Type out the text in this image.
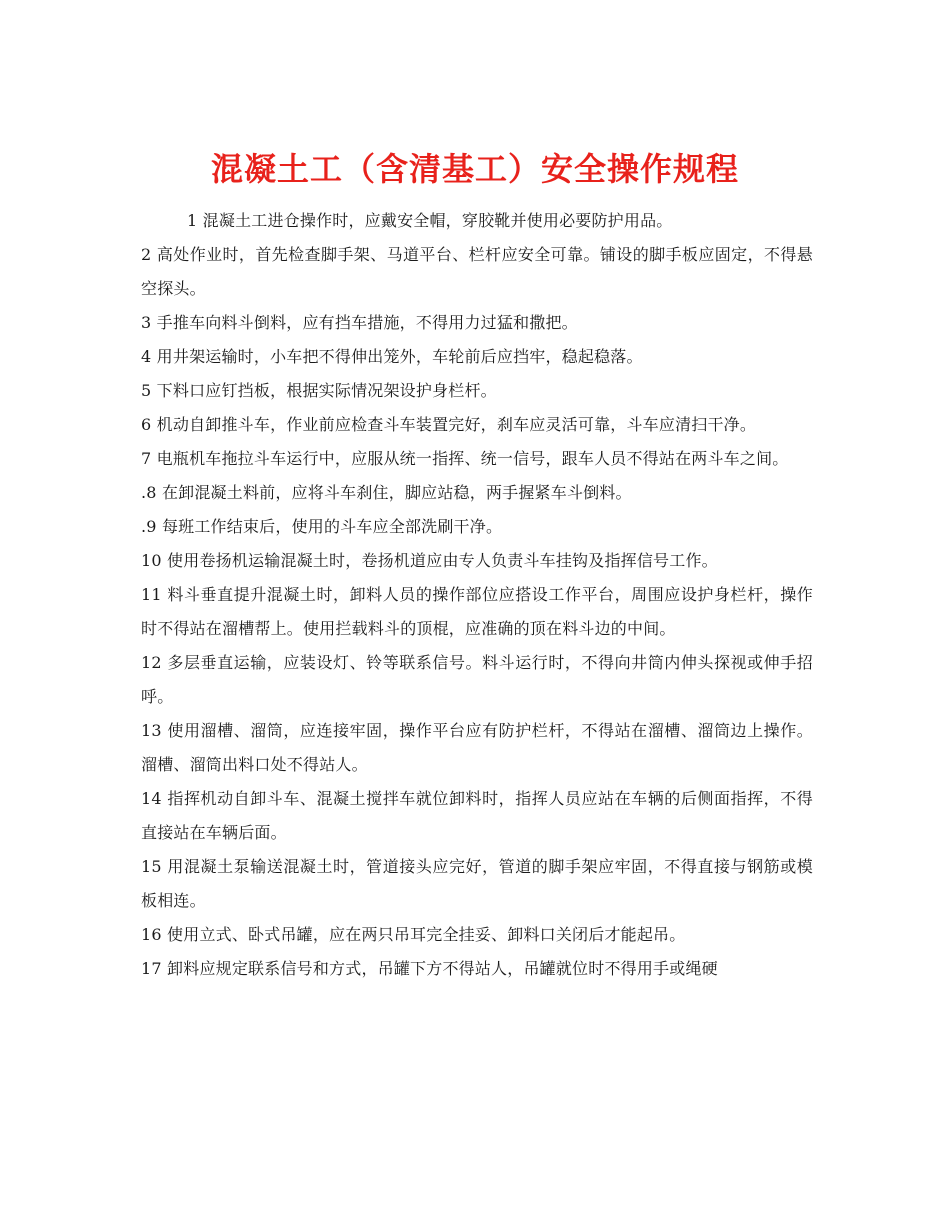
混凝土工（含清基工）安全操作规程

1 混凝土工进仓操作时，应戴安全帽，穿胶靴并使用必要防护用品。

2 高处作业时，首先检查脚手架、马道平台、栏杆应安全可靠。铺设的脚手板应固定，不得悬空探头。

3 手推车向料斗倒料，应有挡车措施，不得用力过猛和撒把。

4 用井架运输时，小车把不得伸出笼外，车轮前后应挡牢，稳起稳落。

5 下料口应钉挡板，根据实际情况架设护身栏杆。

6 机动自卸推斗车，作业前应检查斗车装置完好，刹车应灵活可靠，斗车应清扫干净。

7 电瓶机车拖拉斗车运行中，应服从统一指挥、统一信号，跟车人员不得站在两斗车之间。

.8 在卸混凝土料前，应将斗车刹住，脚应站稳，两手握紧车斗倒料。

.9 每班工作结束后，使用的斗车应全部洗刷干净。

10 使用卷扬机运输混凝土时，卷扬机道应由专人负责斗车挂钩及指挥信号工作。

11 料斗垂直提升混凝土时，卸料人员的操作部位应搭设工作平台，周围应设护身栏杆，操作时不得站在溜槽帮上。使用拦载料斗的顶棍，应准确的顶在料斗边的中间。

12 多层垂直运输，应装设灯、铃等联系信号。料斗运行时，不得向井筒内伸头探视或伸手招呼。

13 使用溜槽、溜筒，应连接牢固，操作平台应有防护栏杆，不得站在溜槽、溜筒边上操作。溜槽、溜筒出料口处不得站人。

14 指挥机动自卸斗车、混凝土搅拌车就位卸料时，指挥人员应站在车辆的后侧面指挥，不得直接站在车辆后面。

15 用混凝土泵输送混凝土时，管道接头应完好，管道的脚手架应牢固，不得直接与钢筋或模板相连。

16 使用立式、卧式吊罐，应在两只吊耳完全挂妥、卸料口关闭后才能起吊。

17 卸料应规定联系信号和方式，吊罐下方不得站人，吊罐就位时不得用手或绳硬
